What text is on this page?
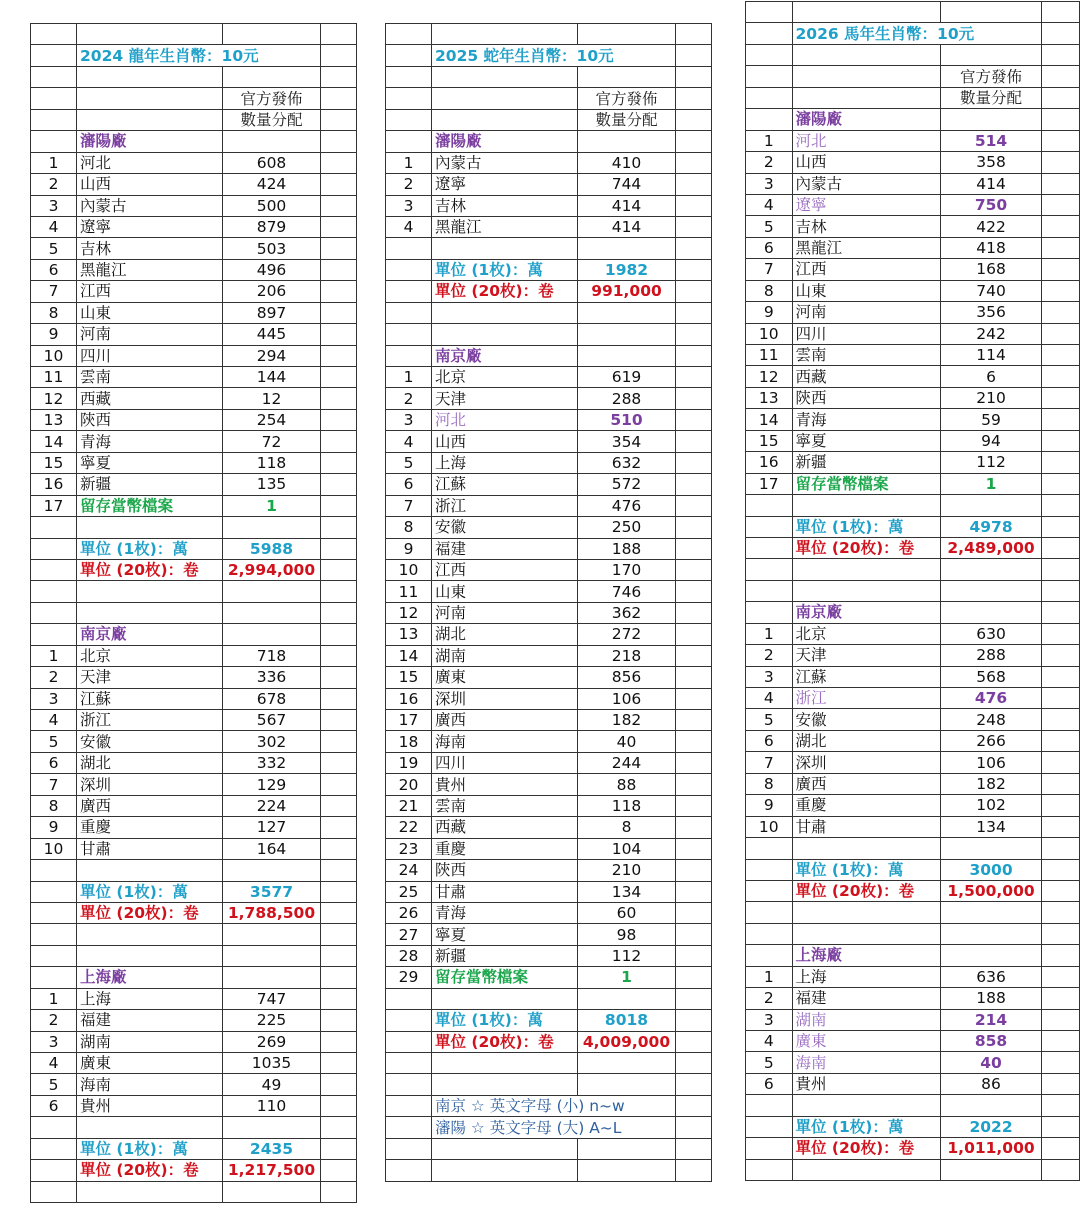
	2024 龍年生肖幣：10元		

		官方發佈	
		數量分配	
	瀋陽廠		
1	河北	608	
2	山西	424	
3	內蒙古	500	
4	遼寧	879	
5	吉林	503	
6	黑龍江	496	
7	江西	206	
8	山東	897	
9	河南	445	
10	四川	294	
11	雲南	144	
12	西藏	12	
13	陝西	254	
14	青海	72	
15	寧夏	118	
16	新疆	135	
17	留存當幣檔案	1	

	單位 (1枚)：萬	5988	
	單位 (20枚)：卷	2,994,000	

	南京廠		
1	北京	718	
2	天津	336	
3	江蘇	678	
4	浙江	567	
5	安徽	302	
6	湖北	332	
7	深圳	129	
8	廣西	224	
9	重慶	127	
10	甘肅	164	

	單位 (1枚)：萬	3577	
	單位 (20枚)：卷	1,788,500	

	上海廠		
1	上海	747	
2	福建	225	
3	湖南	269	
4	廣東	1035	
5	海南	49	
6	貴州	110	

	單位 (1枚)：萬	2435	
	單位 (20枚)：卷	1,217,500	

	2025 蛇年生肖幣：10元		

		官方發佈	
		數量分配	
	瀋陽廠		
1	內蒙古	410	
2	遼寧	744	
3	吉林	414	
4	黑龍江	414	

	單位 (1枚)：萬	1982	
	單位 (20枚)：卷	991,000	

	南京廠		
1	北京	619	
2	天津	288	
3	河北	510	
4	山西	354	
5	上海	632	
6	江蘇	572	
7	浙江	476	
8	安徽	250	
9	福建	188	
10	江西	170	
11	山東	746	
12	河南	362	
13	湖北	272	
14	湖南	218	
15	廣東	856	
16	深圳	106	
17	廣西	182	
18	海南	40	
19	四川	244	
20	貴州	88	
21	雲南	118	
22	西藏	8	
23	重慶	104	
24	陝西	210	
25	甘肅	134	
26	青海	60	
27	寧夏	98	
28	新疆	112	
29	留存當幣檔案	1	

	單位 (1枚)：萬	8018	
	單位 (20枚)：卷	4,009,000	

	南京 ☆ 英文字母 (小) n~w		
	瀋陽 ☆ 英文字母 (大) A~L		

	2026 馬年生肖幣：10元		

		官方發佈	
		數量分配	
	瀋陽廠		
1	河北	514	
2	山西	358	
3	內蒙古	414	
4	遼寧	750	
5	吉林	422	
6	黑龍江	418	
7	江西	168	
8	山東	740	
9	河南	356	
10	四川	242	
11	雲南	114	
12	西藏	6	
13	陝西	210	
14	青海	59	
15	寧夏	94	
16	新疆	112	
17	留存當幣檔案	1	

	單位 (1枚)：萬	4978	
	單位 (20枚)：卷	2,489,000	

	南京廠		
1	北京	630	
2	天津	288	
3	江蘇	568	
4	浙江	476	
5	安徽	248	
6	湖北	266	
7	深圳	106	
8	廣西	182	
9	重慶	102	
10	甘肅	134	

	單位 (1枚)：萬	3000	
	單位 (20枚)：卷	1,500,000	

	上海廠		
1	上海	636	
2	福建	188	
3	湖南	214	
4	廣東	858	
5	海南	40	
6	貴州	86	

	單位 (1枚)：萬	2022	
	單位 (20枚)：卷	1,011,000	
